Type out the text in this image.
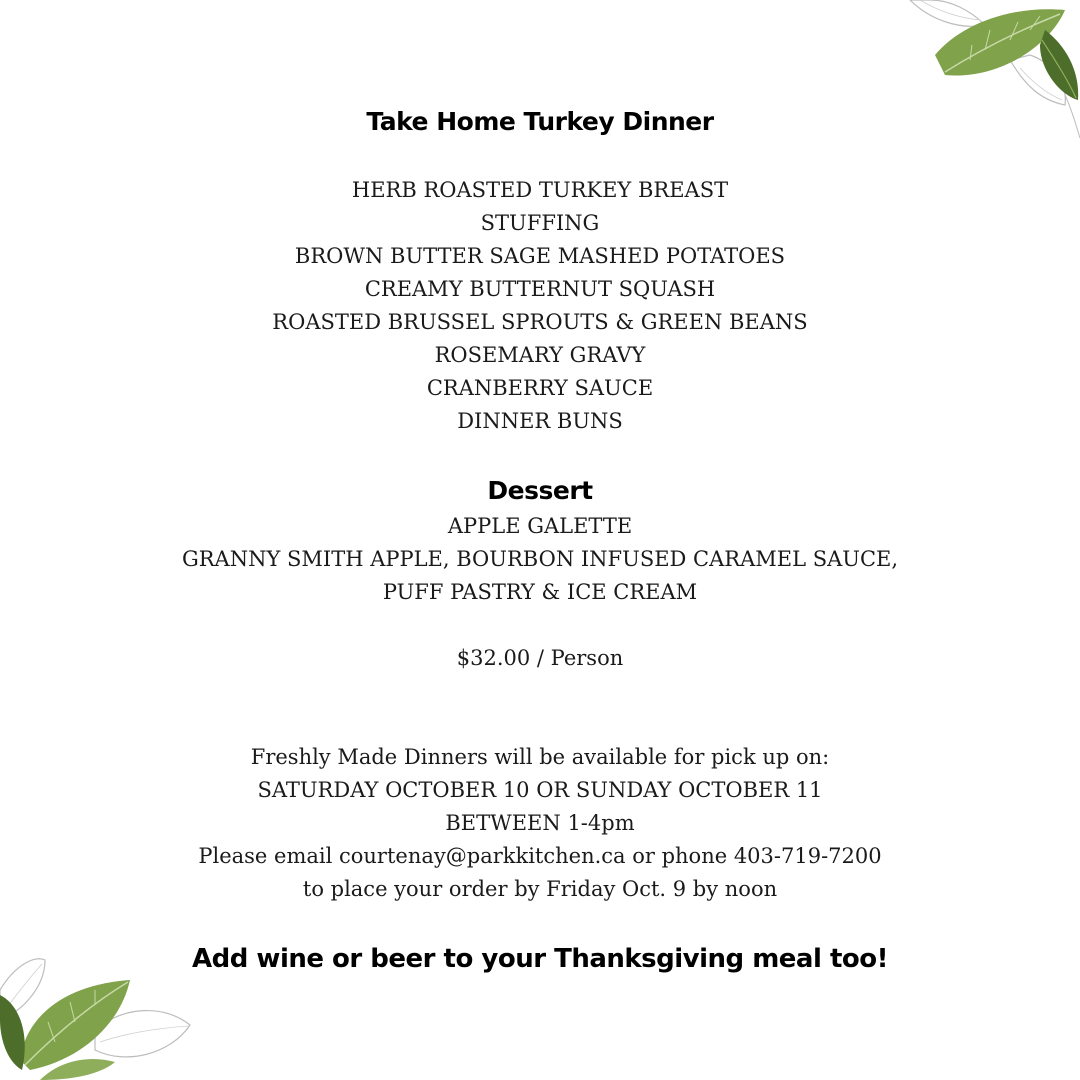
Take Home Turkey Dinner
HERB ROASTED TURKEY BREAST
STUFFING
BROWN BUTTER SAGE MASHED POTATOES
CREAMY BUTTERNUT SQUASH
ROASTED BRUSSEL SPROUTS & GREEN BEANS
ROSEMARY GRAVY
CRANBERRY SAUCE
DINNER BUNS
Dessert
APPLE GALETTE
GRANNY SMITH APPLE, BOURBON INFUSED CARAMEL SAUCE,
PUFF PASTRY & ICE CREAM
$32.00 / Person
Freshly Made Dinners will be available for pick up on:
SATURDAY OCTOBER 10 OR SUNDAY OCTOBER 11
BETWEEN 1-4pm
Please email courtenay@parkkitchen.ca or phone 403-719-7200
to place your order by Friday Oct. 9 by noon
Add wine or beer to your Thanksgiving meal too!
